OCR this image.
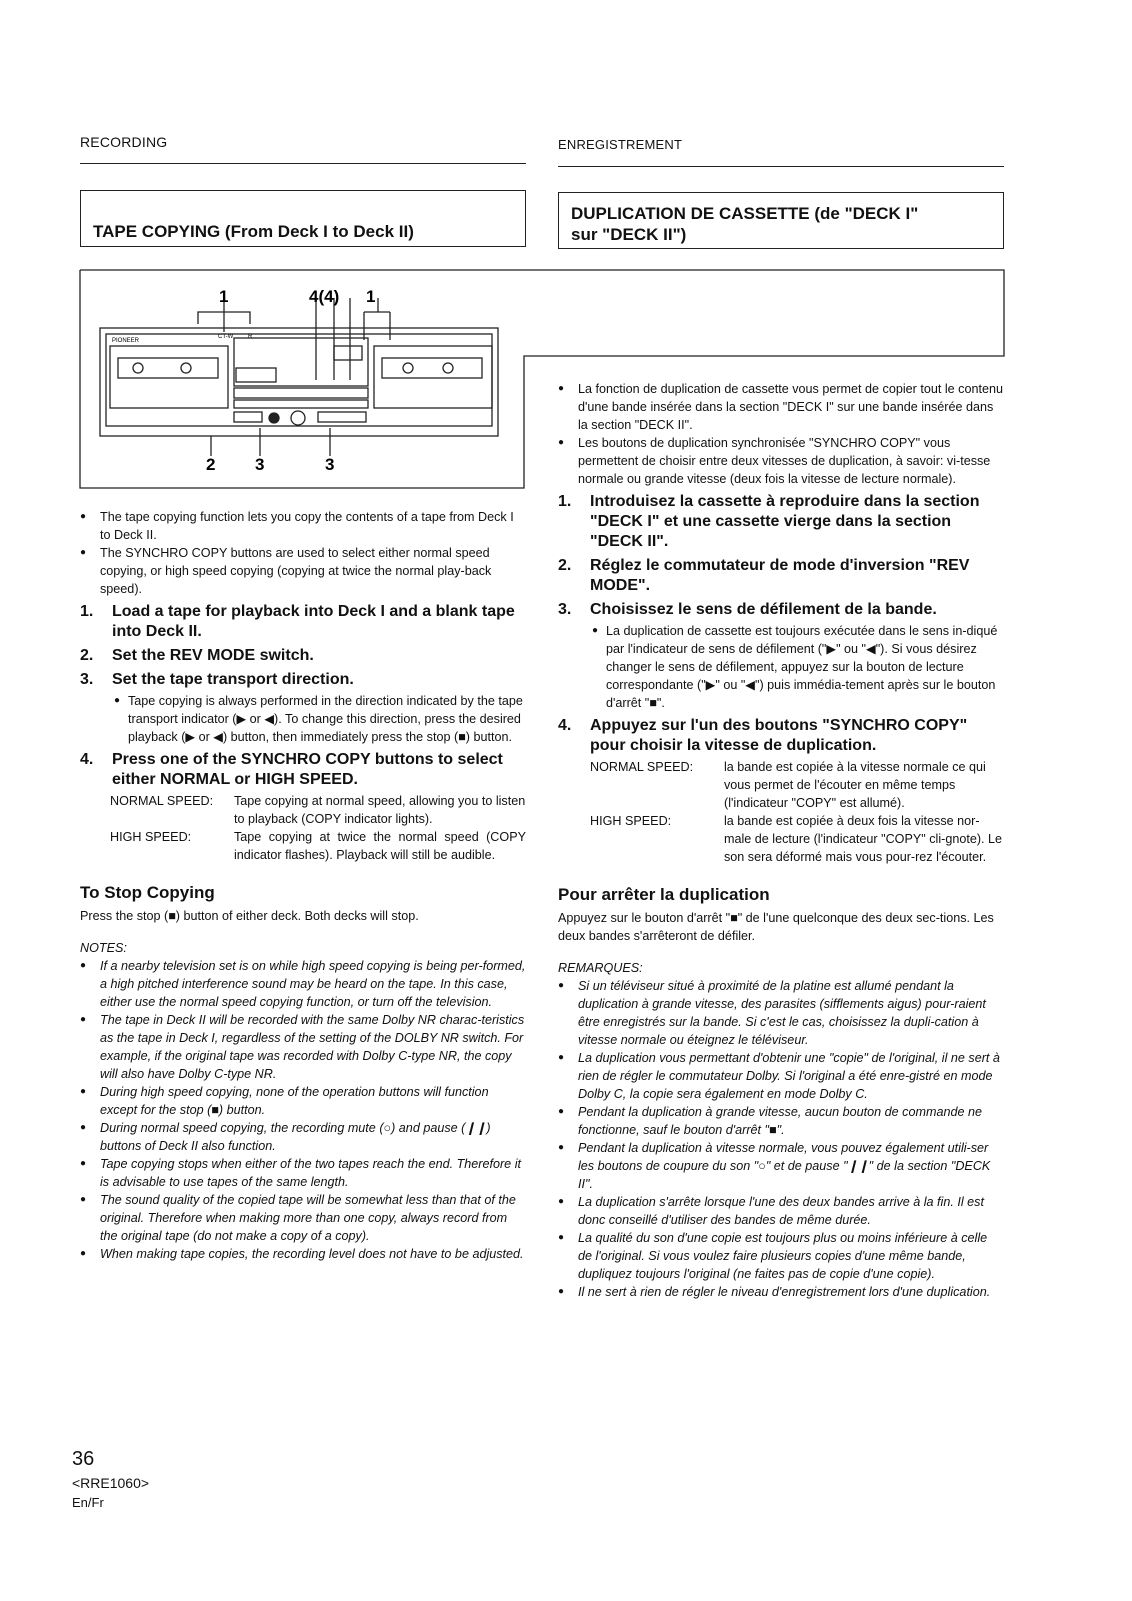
RECORDING	ENREGISTREMENT
TAPE COPYING (From Deck I to Deck II)
DUPLICATION DE CASSETTE (de "DECK I"
sur "DECK II")
1	4(4) 1
2 3	3
PIONEER
CT-W R

● The tape copying function lets you copy the contents of a tape from Deck I to Deck II.

● The SYNCHRO COPY buttons are used to select either normal speed copying, or high speed copying (copying at twice the normal play-back speed).

1. Load a tape for playback into Deck I and a blank tape into Deck II.
2. Set the REV MODE switch.
3. Set the tape transport direction.

● Tape copying is always performed in the direction indicated by the tape transport indicator (▶ or ◀). To change this direction, press the desired playback (▶ or ◀) button, then immediately press the stop (■) button.

4. Press one of the SYNCHRO COPY buttons to select either NORMAL or HIGH SPEED.
NORMAL SPEED:	Tape copying at normal speed, allowing you to listen to playback (COPY indicator lights).
HIGH SPEED:	Tape copying at twice the normal speed (COPY indicator flashes). Playback will still be audible.
To Stop Copying
Press the stop (■) button of either deck. Both decks will stop.
NOTES:

● If a nearby television set is on while high speed copying is being per-formed, a high pitched interference sound may be heard on the tape. In this case, either use the normal speed copying function, or turn off the television.

● The tape in Deck II will be recorded with the same Dolby NR charac-teristics as the tape in Deck I, regardless of the setting of the DOLBY NR switch. For example, if the original tape was recorded with Dolby C-type NR, the copy will also have Dolby C-type NR.

● During high speed copying, none of the operation buttons will function except for the stop (■) button.

● During normal speed copying, the recording mute (○) and pause (❙❙) buttons of Deck II also function.

● Tape copying stops when either of the two tapes reach the end. Therefore it is advisable to use tapes of the same length.

● The sound quality of the copied tape will be somewhat less than that of the original. Therefore when making more than one copy, always record from the original tape (do not make a copy of a copy).

● When making tape copies, the recording level does not have to be adjusted.

● La fonction de duplication de cassette vous permet de copier tout le contenu d'une bande insérée dans la section "DECK I" sur une bande insérée dans la section "DECK II".

● Les boutons de duplication synchronisée "SYNCHRO COPY" vous permettent de choisir entre deux vitesses de duplication, à savoir: vi-tesse normale ou grande vitesse (deux fois la vitesse de lecture normale).

1. Introduisez la cassette à reproduire dans la section "DECK I" et une cassette vierge dans la section "DECK II".
2. Réglez le commutateur de mode d'inversion "REV MODE".
3. Choisissez le sens de défilement de la bande.

● La duplication de cassette est toujours exécutée dans le sens in-diqué par l'indicateur de sens de défilement ("▶" ou "◀"). Si vous désirez changer le sens de défilement, appuyez sur la bouton de lecture correspondante ("▶" ou "◀") puis immédia-tement après sur le bouton d'arrêt "■".

4. Appuyez sur l'un des boutons "SYNCHRO COPY" pour choisir la vitesse de duplication.
NORMAL SPEED:	la bande est copiée à la vitesse normale ce qui vous permet de l'écouter en même temps (l'indicateur "COPY" est allumé).
HIGH SPEED:	la bande est copiée à deux fois la vitesse nor-male de lecture (l'indicateur "COPY" cli-gnote). Le son sera déformé mais vous pour-rez l'écouter.
Pour arrêter la duplication
Appuyez sur le bouton d'arrêt "■" de l'une quelconque des deux sec-tions. Les deux bandes s'arrêteront de défiler.
REMARQUES:

● Si un téléviseur situé à proximité de la platine est allumé pendant la duplication à grande vitesse, des parasites (sifflements aigus) pour-raient être enregistrés sur la bande. Si c'est le cas, choisissez la dupli-cation à vitesse normale ou éteignez le téléviseur.

● La duplication vous permettant d'obtenir une "copie" de l'original, il ne sert à rien de régler le commutateur Dolby. Si l'original a été enre-gistré en mode Dolby C, la copie sera également en mode Dolby C.

● Pendant la duplication à grande vitesse, aucun bouton de commande ne fonctionne, sauf le bouton d'arrêt "■".

● Pendant la duplication à vitesse normale, vous pouvez également utili-ser les boutons de coupure du son "○" et de pause "❙❙" de la section "DECK II".

● La duplication s'arrête lorsque l'une des deux bandes arrive à la fin. Il est donc conseillé d'utiliser des bandes de même durée.

● La qualité du son d'une copie est toujours plus ou moins inférieure à celle de l'original. Si vous voulez faire plusieurs copies d'une même bande, dupliquez toujours l'original (ne faites pas de copie d'une copie).

● Il ne sert à rien de régler le niveau d'enregistrement lors d'une duplication.

36
<RRE1060>
En/Fr
